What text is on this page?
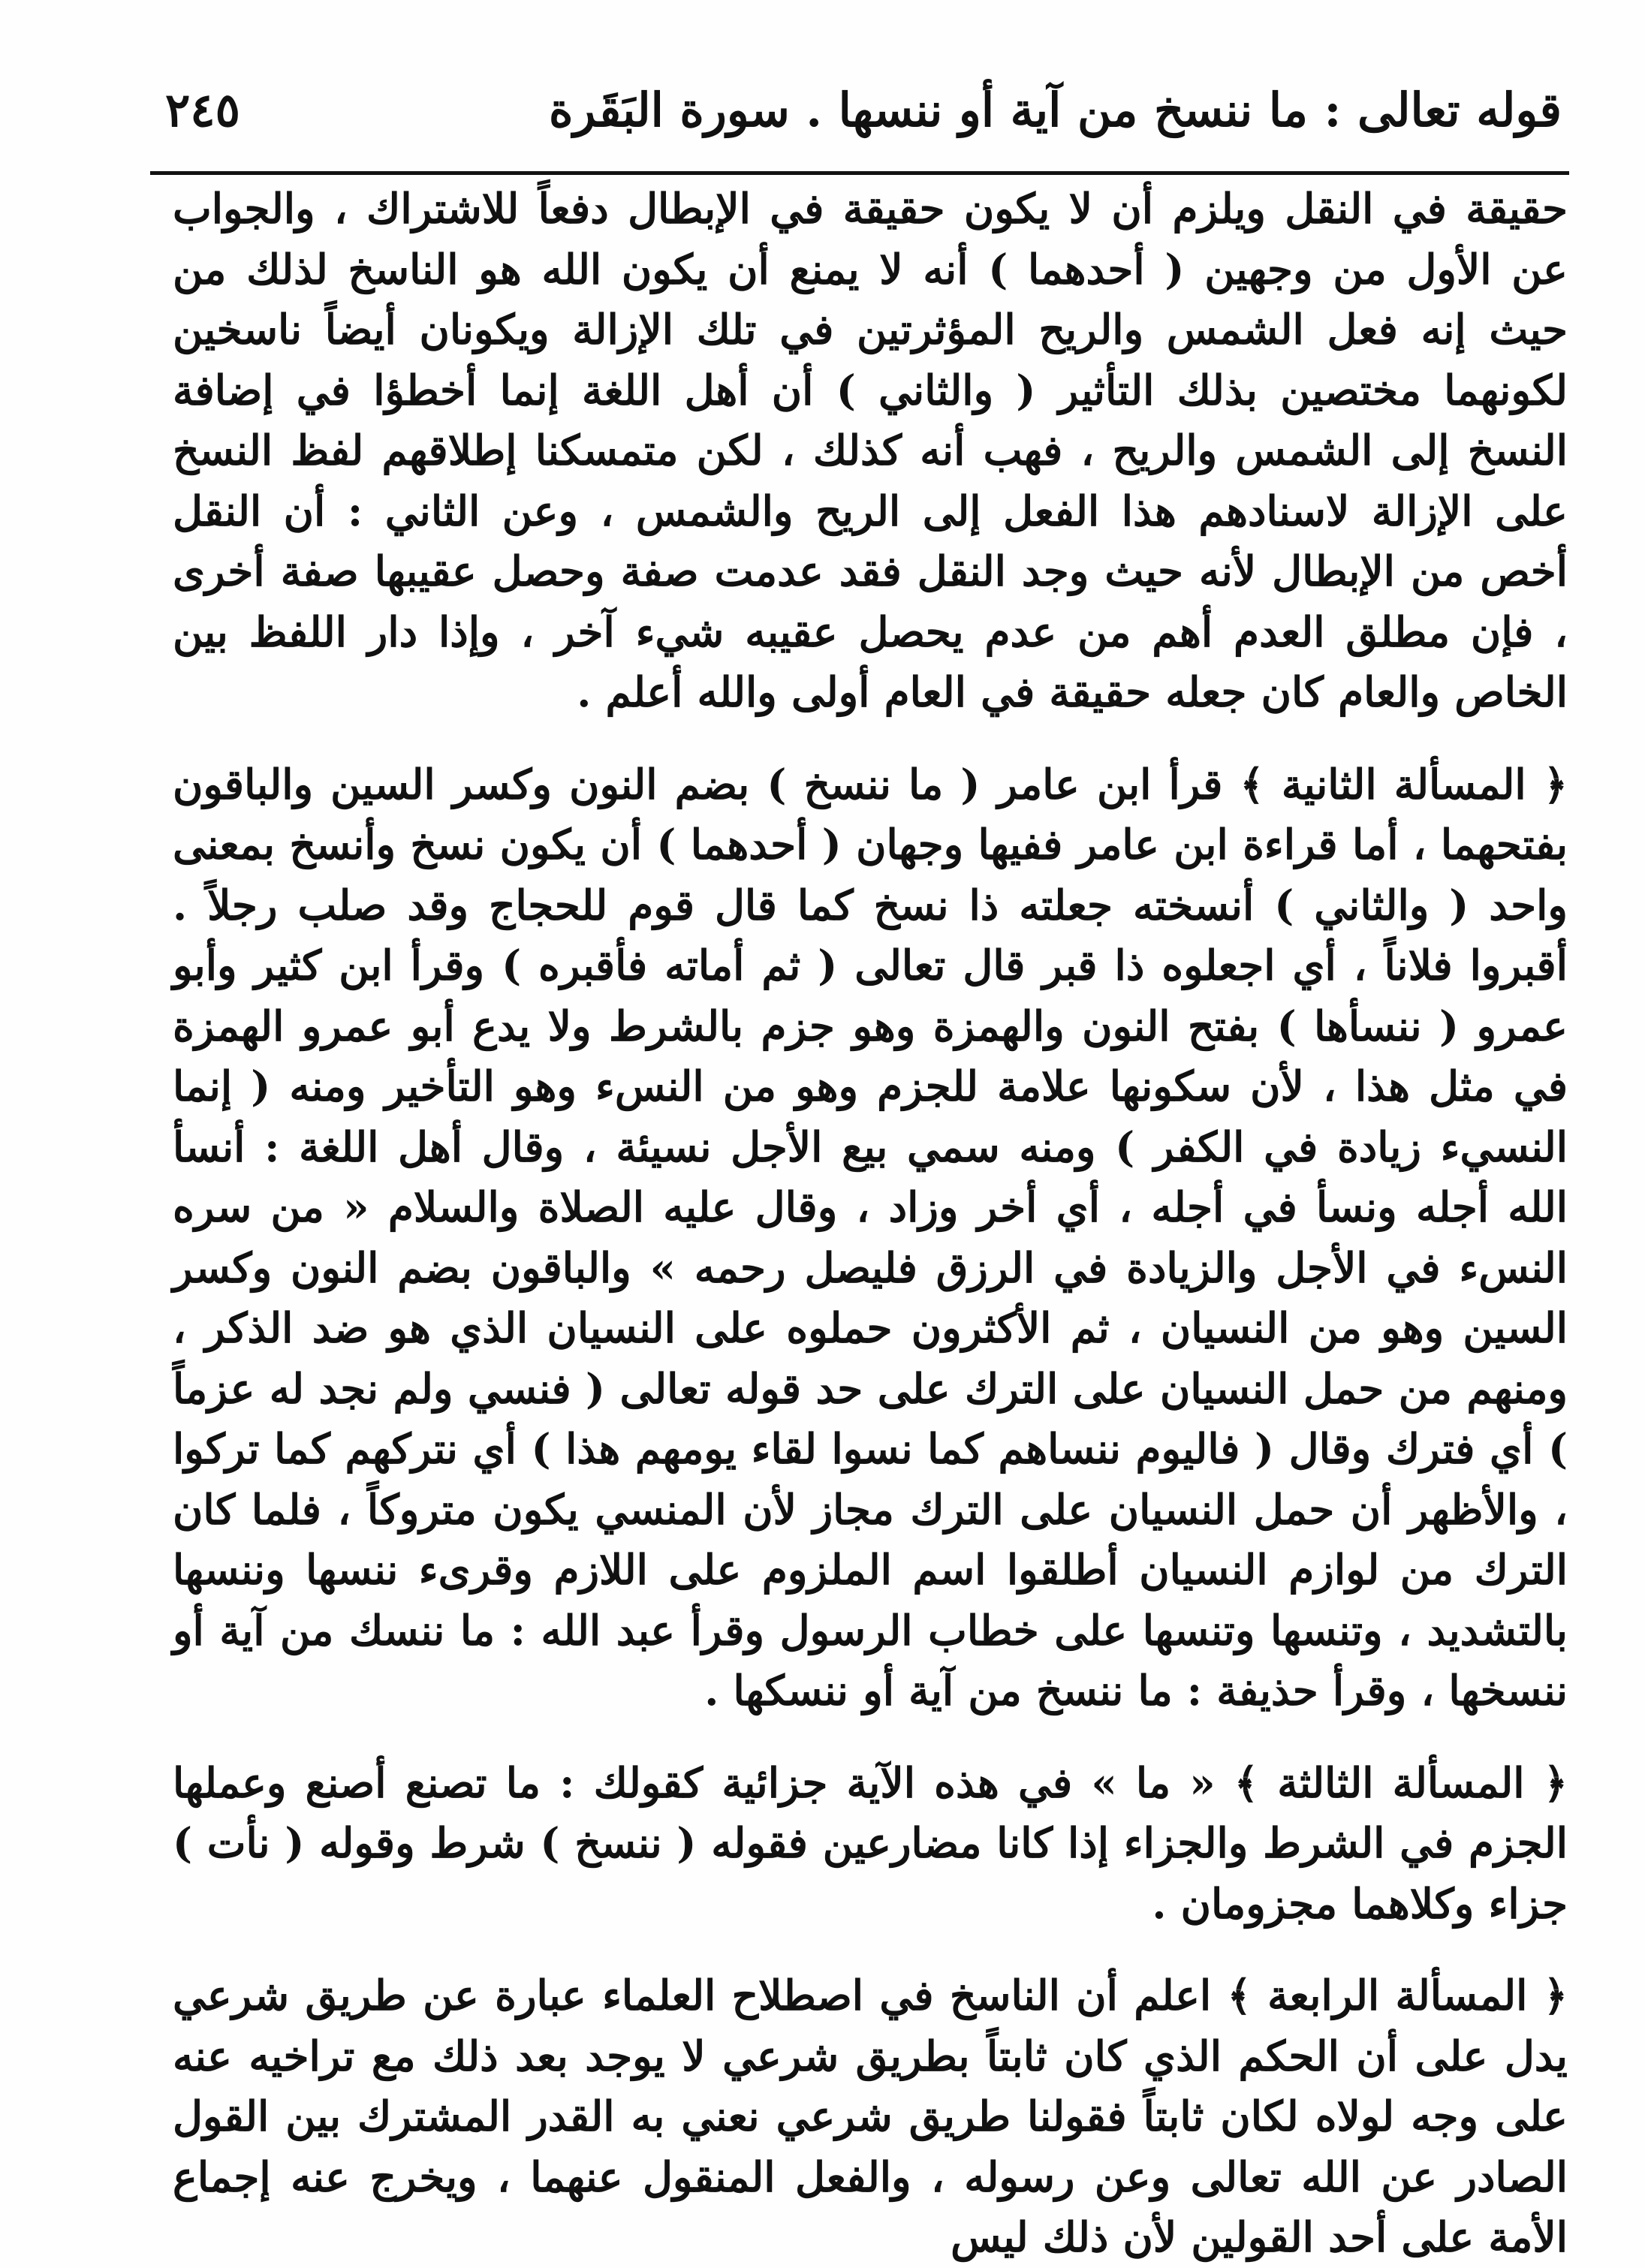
قوله تعالى : ما ننسخ من آية أو ننسها . سورة البَقَرة
٢٤٥

حقيقة في النقل ويلزم أن لا يكون حقيقة في الإبطال دفعاً للاشتراك ، والجواب عن الأول من وجهين ( أحدهما ) أنه لا يمنع أن يكون الله هو الناسخ لذلك من حيث إنه فعل الشمس والريح المؤثرتين في تلك الإزالة ويكونان أيضاً ناسخين لكونهما مختصين بذلك التأثير ( والثاني ) أن أهل اللغة إنما أخطؤا في إضافة النسخ إلى الشمس والريح ، فهب أنه كذلك ، لكن متمسكنا إطلاقهم لفظ النسخ على الإزالة لاسنادهم هذا الفعل إلى الريح والشمس ، وعن الثاني : أن النقل أخص من الإبطال لأنه حيث وجد النقل فقد عدمت صفة وحصل عقيبها صفة أخرى ، فإن مطلق العدم أهم من عدم يحصل عقيبه شيء آخر ، وإذا دار اللفظ بين الخاص والعام كان جعله حقيقة في العام أولى والله أعلم .

﴿ المسألة الثانية ﴾ قرأ ابن عامر ( ما ننسخ ) بضم النون وكسر السين والباقون بفتحهما ، أما قراءة ابن عامر ففيها وجهان ( أحدهما ) أن يكون نسخ وأنسخ بمعنى واحد ( والثاني ) أنسخته جعلته ذا نسخ كما قال قوم للحجاج وقد صلب رجلاً . أقبروا فلاناً ، أي اجعلوه ذا قبر قال تعالى ( ثم أماته فأقبره ) وقرأ ابن كثير وأبو عمرو ( ننسأها ) بفتح النون والهمزة وهو جزم بالشرط ولا يدع أبو عمرو الهمزة في مثل هذا ، لأن سكونها علامة للجزم وهو من النسء وهو التأخير ومنه ( إنما النسيء زيادة في الكفر ) ومنه سمي بيع الأجل نسيئة ، وقال أهل اللغة : أنسأ الله أجله ونسأ في أجله ، أي أخر وزاد ، وقال عليه الصلاة والسلام « من سره النسء في الأجل والزيادة في الرزق فليصل رحمه » والباقون بضم النون وكسر السين وهو من النسيان ، ثم الأكثرون حملوه على النسيان الذي هو ضد الذكر ، ومنهم من حمل النسيان على الترك على حد قوله تعالى ( فنسي ولم نجد له عزماً ) أي فترك وقال ( فاليوم ننساهم كما نسوا لقاء يومهم هذا ) أي نتركهم كما تركوا ، والأظهر أن حمل النسيان على الترك مجاز لأن المنسي يكون متروكاً ، فلما كان الترك من لوازم النسيان أطلقوا اسم الملزوم على اللازم وقرىء ننسها وننسها بالتشديد ، وتنسها وتنسها على خطاب الرسول وقرأ عبد الله : ما ننسك من آية أو ننسخها ، وقرأ حذيفة : ما ننسخ من آية أو ننسكها .

﴿ المسألة الثالثة ﴾ « ما » في هذه الآية جزائية كقولك : ما تصنع أصنع وعملها الجزم في الشرط والجزاء إذا كانا مضارعين فقوله ( ننسخ ) شرط وقوله ( نأت ) جزاء وكلاهما مجزومان .

﴿ المسألة الرابعة ﴾ اعلم أن الناسخ في اصطلاح العلماء عبارة عن طريق شرعي يدل على أن الحكم الذي كان ثابتاً بطريق شرعي لا يوجد بعد ذلك مع تراخيه عنه على وجه لولاه لكان ثابتاً فقولنا طريق شرعي نعني به القدر المشترك بين القول الصادر عن الله تعالى وعن رسوله ، والفعل المنقول عنهما ، ويخرج عنه إجماع الأمة على أحد القولين لأن ذلك ليس
